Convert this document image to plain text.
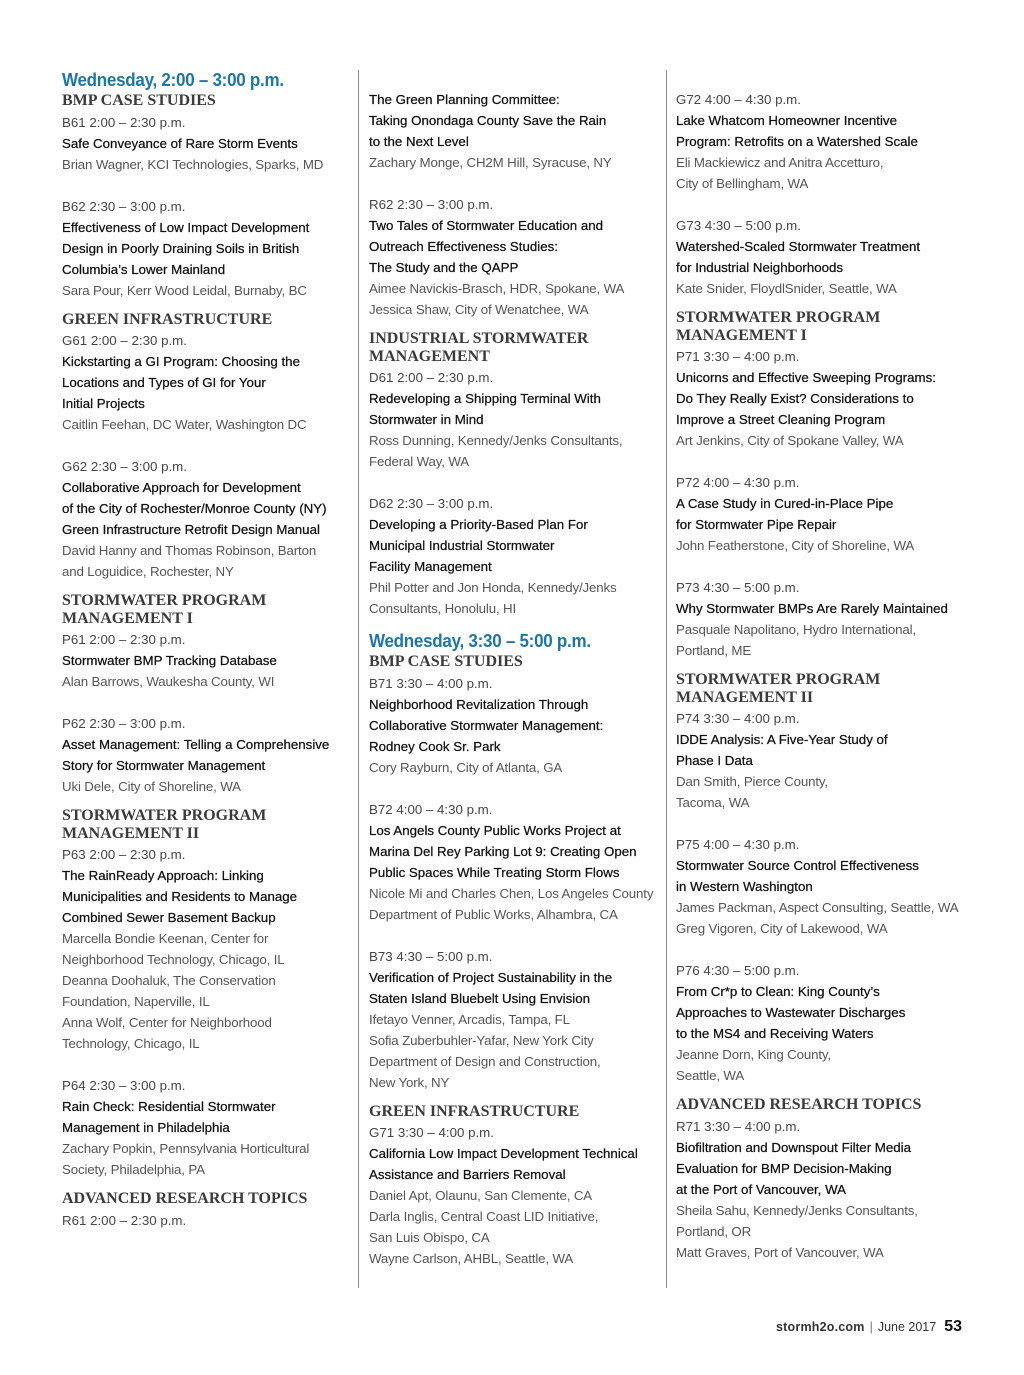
Wednesday, 2:00 – 3:00 p.m.
BMP CASE STUDIES

B61 2:00 – 2:30 p.m.

Safe Conveyance of Rare Storm Events

Brian Wagner, KCI Technologies, Sparks, MD

B62 2:30 – 3:00 p.m.

Effectiveness of Low Impact Development

Design in Poorly Draining Soils in British

Columbia’s Lower Mainland

Sara Pour, Kerr Wood Leidal, Burnaby, BC

GREEN INFRASTRUCTURE

G61 2:00 – 2:30 p.m.

Kickstarting a GI Program: Choosing the

Locations and Types of GI for Your

Initial Projects

Caitlin Feehan, DC Water, Washington DC

G62 2:30 – 3:00 p.m.

Collaborative Approach for Development

of the City of Rochester/Monroe County (NY)

Green Infrastructure Retrofit Design Manual

David Hanny and Thomas Robinson, Barton

and Loguidice, Rochester, NY

STORMWATER PROGRAM
MANAGEMENT I

P61 2:00 – 2:30 p.m.

Stormwater BMP Tracking Database

Alan Barrows, Waukesha County, WI

P62 2:30 – 3:00 p.m.

Asset Management: Telling a Comprehensive

Story for Stormwater Management

Uki Dele, City of Shoreline, WA

STORMWATER PROGRAM
MANAGEMENT II

P63 2:00 – 2:30 p.m.

The RainReady Approach: Linking

Municipalities and Residents to Manage

Combined Sewer Basement Backup

Marcella Bondie Keenan, Center for

Neighborhood Technology, Chicago, IL

Deanna Doohaluk, The Conservation

Foundation, Naperville, IL

Anna Wolf, Center for Neighborhood

Technology, Chicago, IL

P64 2:30 – 3:00 p.m.

Rain Check: Residential Stormwater

Management in Philadelphia

Zachary Popkin, Pennsylvania Horticultural

Society, Philadelphia, PA

ADVANCED RESEARCH TOPICS

R61 2:00 – 2:30 p.m.

The Green Planning Committee:

Taking Onondaga County Save the Rain

to the Next Level

Zachary Monge, CH2M Hill, Syracuse, NY

R62 2:30 – 3:00 p.m.

Two Tales of Stormwater Education and

Outreach Effectiveness Studies:

The Study and the QAPP

Aimee Navickis-Brasch, HDR, Spokane, WA

Jessica Shaw, City of Wenatchee, WA

INDUSTRIAL STORMWATER
MANAGEMENT

D61 2:00 – 2:30 p.m.

Redeveloping a Shipping Terminal With

Stormwater in Mind

Ross Dunning, Kennedy/Jenks Consultants,

Federal Way, WA

D62 2:30 – 3:00 p.m.

Developing a Priority-Based Plan For

Municipal Industrial Stormwater

Facility Management

Phil Potter and Jon Honda, Kennedy/Jenks

Consultants, Honolulu, HI

Wednesday, 3:30 – 5:00 p.m.
BMP CASE STUDIES

B71 3:30 – 4:00 p.m.

Neighborhood Revitalization Through

Collaborative Stormwater Management:

Rodney Cook Sr. Park

Cory Rayburn, City of Atlanta, GA

B72 4:00 – 4:30 p.m.

Los Angels County Public Works Project at

Marina Del Rey Parking Lot 9: Creating Open

Public Spaces While Treating Storm Flows

Nicole Mi and Charles Chen, Los Angeles County

Department of Public Works, Alhambra, CA

B73 4:30 – 5:00 p.m.

Verification of Project Sustainability in the

Staten Island Bluebelt Using Envision

Ifetayo Venner, Arcadis, Tampa, FL

Sofia Zuberbuhler-Yafar, New York City

Department of Design and Construction,

New York, NY

GREEN INFRASTRUCTURE

G71 3:30 – 4:00 p.m.

California Low Impact Development Technical

Assistance and Barriers Removal

Daniel Apt, Olaunu, San Clemente, CA

Darla Inglis, Central Coast LID Initiative,

San Luis Obispo, CA

Wayne Carlson, AHBL, Seattle, WA

G72 4:00 – 4:30 p.m.

Lake Whatcom Homeowner Incentive

Program: Retrofits on a Watershed Scale

Eli Mackiewicz and Anitra Accetturo,

City of Bellingham, WA

G73 4:30 – 5:00 p.m.

Watershed-Scaled Stormwater Treatment

for Industrial Neighborhoods

Kate Snider, FloydlSnider, Seattle, WA

STORMWATER PROGRAM
MANAGEMENT I

P71 3:30 – 4:00 p.m.

Unicorns and Effective Sweeping Programs:

Do They Really Exist? Considerations to

Improve a Street Cleaning Program

Art Jenkins, City of Spokane Valley, WA

P72 4:00 – 4:30 p.m.

A Case Study in Cured-in-Place Pipe

for Stormwater Pipe Repair

John Featherstone, City of Shoreline, WA

P73 4:30 – 5:00 p.m.

Why Stormwater BMPs Are Rarely Maintained

Pasquale Napolitano, Hydro International,

Portland, ME

STORMWATER PROGRAM
MANAGEMENT II

P74 3:30 – 4:00 p.m.

IDDE Analysis: A Five-Year Study of

Phase I Data

Dan Smith, Pierce County,

Tacoma, WA

P75 4:00 – 4:30 p.m.

Stormwater Source Control Effectiveness

in Western Washington

James Packman, Aspect Consulting, Seattle, WA

Greg Vigoren, City of Lakewood, WA

P76 4:30 – 5:00 p.m.

From Cr*p to Clean: King County’s

Approaches to Wastewater Discharges

to the MS4 and Receiving Waters

Jeanne Dorn, King County,

Seattle, WA

ADVANCED RESEARCH TOPICS

R71 3:30 – 4:00 p.m.

Biofiltration and Downspout Filter Media

Evaluation for BMP Decision-Making

at the Port of Vancouver, WA

Sheila Sahu, Kennedy/Jenks Consultants,

Portland, OR

Matt Graves, Port of Vancouver, WA

stormh2o.com | June 2017 53
